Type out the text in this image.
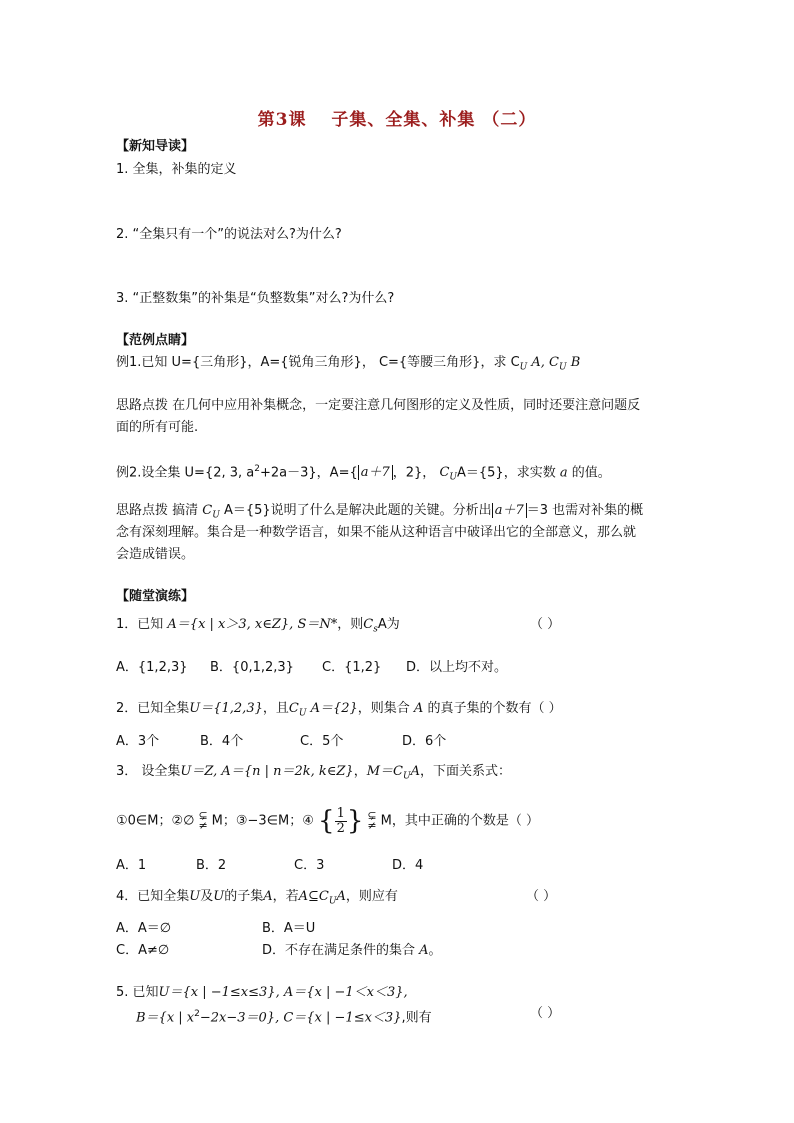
第3课　 子集、全集、补集 （二）
【新知导读】
1. 全集，补集的定义
2. “全集只有一个”的说法对么?为什么?
3. “正整数集”的补集是“负整数集”对么?为什么?
【范例点睛】
例1.已知 U={三角形}，A={锐角三角形}， C={等腰三角形}，求 $C_U$ A, $C_U$ B
思路点拨 在几何中应用补集概念，一定要注意几何图形的定义及性质，同时还要注意问题反
面的所有可能.
例2.设全集 U={2, 3, $a^2+2a-3$}，A={ a＋7 ，2}， $C_UA=\{5\}$，求实数 a 的值。
思路点拨 搞清 $C_U$ A＝{5}说明了什么是解决此题的关键。分析出 a＋7 ＝3 也需对补集的概
念有深刻理解。集合是一种数学语言，如果不能从这种语言中破译出它的全部意义，那么就
会造成错误。
【随堂演练】
1．已知 A＝{x | x＞3, x∈Z}, S＝N*，则$C_sA$为	（ ）
A．{1,2,3} B．{0,1,2,3} C．{1,2} D．以上均不对。
2．已知全集U＝{1,2,3}，且$C_U$ A＝{2}，则集合 A 的真子集的个数有（ ）
A．3个	B．4个	C．5个	D．6个
3． 设全集U＝Z, A＝{n | n＝2k, k∈Z}，$M=C_UA$，下面关系式：
①0∈M；②∅ ⊊
≠ M；③−3∈M；④ { $\frac{1}{2}$ } ⊊
≠ M，其中正确的个数是（ ）
A．1	B．2	C．3	D．4
4．已知全集U及U的子集A，若$A⊆C_UA$，则应有	（ ）
A．A＝∅	B．A＝U
C．A≠∅	D．不存在满足条件的集合 A。
5. 已知U＝{x | −1≤x≤3}, A＝{x | −1＜x＜3},
B＝{x | $x^2-2x-3=0$}, C＝{x | −1≤x＜3},则有	（ ）
